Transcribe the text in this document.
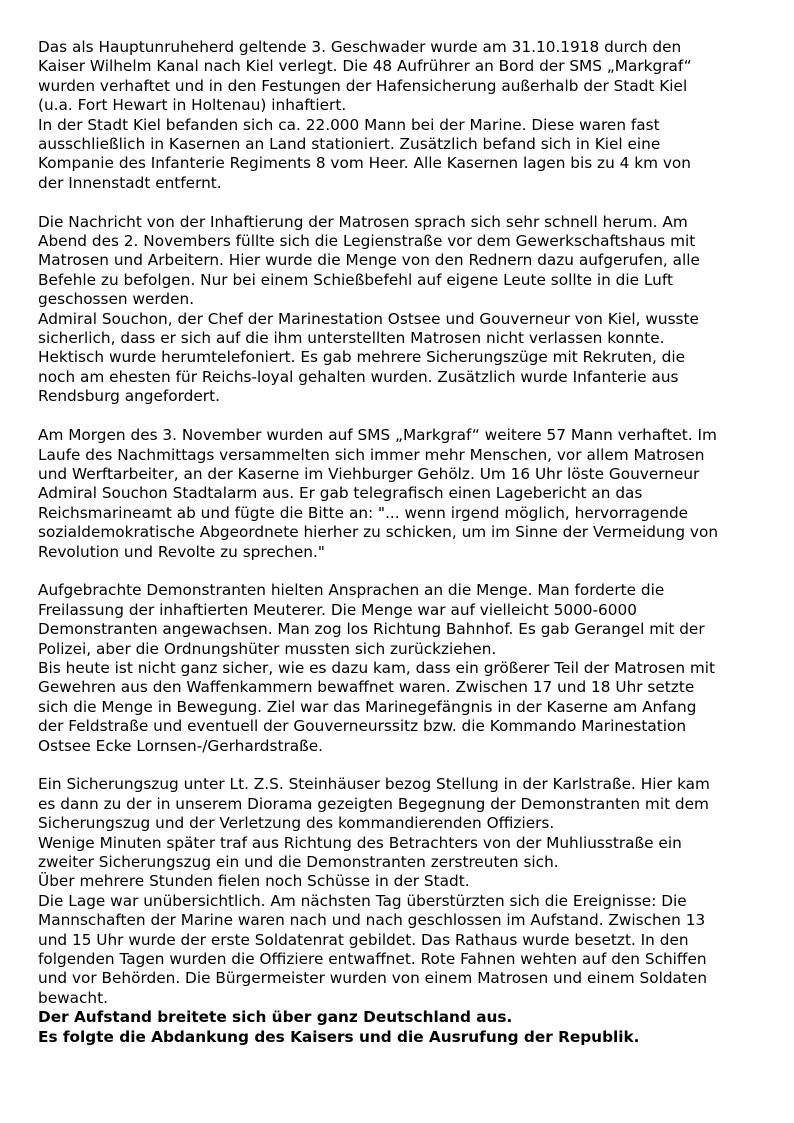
Das als Hauptunruheherd geltende 3. Geschwader wurde am 31.10.1918 durch den
Kaiser Wilhelm Kanal nach Kiel verlegt. Die 48 Aufrührer an Bord der SMS „Markgraf“
wurden verhaftet und in den Festungen der Hafensicherung außerhalb der Stadt Kiel
(u.a. Fort Hewart in Holtenau) inhaftiert.
In der Stadt Kiel befanden sich ca. 22.000 Mann bei der Marine. Diese waren fast
ausschließlich in Kasernen an Land stationiert. Zusätzlich befand sich in Kiel eine
Kompanie des Infanterie Regiments 8 vom Heer. Alle Kasernen lagen bis zu 4 km von
der Innenstadt entfernt.
Die Nachricht von der Inhaftierung der Matrosen sprach sich sehr schnell herum. Am
Abend des 2. Novembers füllte sich die Legienstraße vor dem Gewerkschaftshaus mit
Matrosen und Arbeitern. Hier wurde die Menge von den Rednern dazu aufgerufen, alle
Befehle zu befolgen. Nur bei einem Schießbefehl auf eigene Leute sollte in die Luft
geschossen werden.
Admiral Souchon, der Chef der Marinestation Ostsee und Gouverneur von Kiel, wusste
sicherlich, dass er sich auf die ihm unterstellten Matrosen nicht verlassen konnte.
Hektisch wurde herumtelefoniert. Es gab mehrere Sicherungszüge mit Rekruten, die
noch am ehesten für Reichs-loyal gehalten wurden. Zusätzlich wurde Infanterie aus
Rendsburg angefordert.
Am Morgen des 3. November wurden auf SMS „Markgraf“ weitere 57 Mann verhaftet. Im
Laufe des Nachmittags versammelten sich immer mehr Menschen, vor allem Matrosen
und Werftarbeiter, an der Kaserne im Viehburger Gehölz. Um 16 Uhr löste Gouverneur
Admiral Souchon Stadtalarm aus. Er gab telegrafisch einen Lagebericht an das
Reichsmarineamt ab und fügte die Bitte an: "... wenn irgend möglich, hervorragende
sozialdemokratische Abgeordnete hierher zu schicken, um im Sinne der Vermeidung von
Revolution und Revolte zu sprechen."
Aufgebrachte Demonstranten hielten Ansprachen an die Menge. Man forderte die
Freilassung der inhaftierten Meuterer. Die Menge war auf vielleicht 5000-6000
Demonstranten angewachsen. Man zog los Richtung Bahnhof. Es gab Gerangel mit der
Polizei, aber die Ordnungshüter mussten sich zurückziehen.
Bis heute ist nicht ganz sicher, wie es dazu kam, dass ein größerer Teil der Matrosen mit
Gewehren aus den Waffenkammern bewaffnet waren. Zwischen 17 und 18 Uhr setzte
sich die Menge in Bewegung. Ziel war das Marinegefängnis in der Kaserne am Anfang
der Feldstraße und eventuell der Gouverneurssitz bzw. die Kommando Marinestation
Ostsee Ecke Lornsen-/Gerhardstraße.
Ein Sicherungszug unter Lt. Z.S. Steinhäuser bezog Stellung in der Karlstraße. Hier kam
es dann zu der in unserem Diorama gezeigten Begegnung der Demonstranten mit dem
Sicherungszug und der Verletzung des kommandierenden Offiziers.
Wenige Minuten später traf aus Richtung des Betrachters von der Muhliusstraße ein
zweiter Sicherungszug ein und die Demonstranten zerstreuten sich.
Über mehrere Stunden fielen noch Schüsse in der Stadt.
Die Lage war unübersichtlich. Am nächsten Tag überstürzten sich die Ereignisse: Die
Mannschaften der Marine waren nach und nach geschlossen im Aufstand. Zwischen 13
und 15 Uhr wurde der erste Soldatenrat gebildet. Das Rathaus wurde besetzt. In den
folgenden Tagen wurden die Offiziere entwaffnet. Rote Fahnen wehten auf den Schiffen
und vor Behörden. Die Bürgermeister wurden von einem Matrosen und einem Soldaten
bewacht.
Der Aufstand breitete sich über ganz Deutschland aus.
Es folgte die Abdankung des Kaisers und die Ausrufung der Republik.
